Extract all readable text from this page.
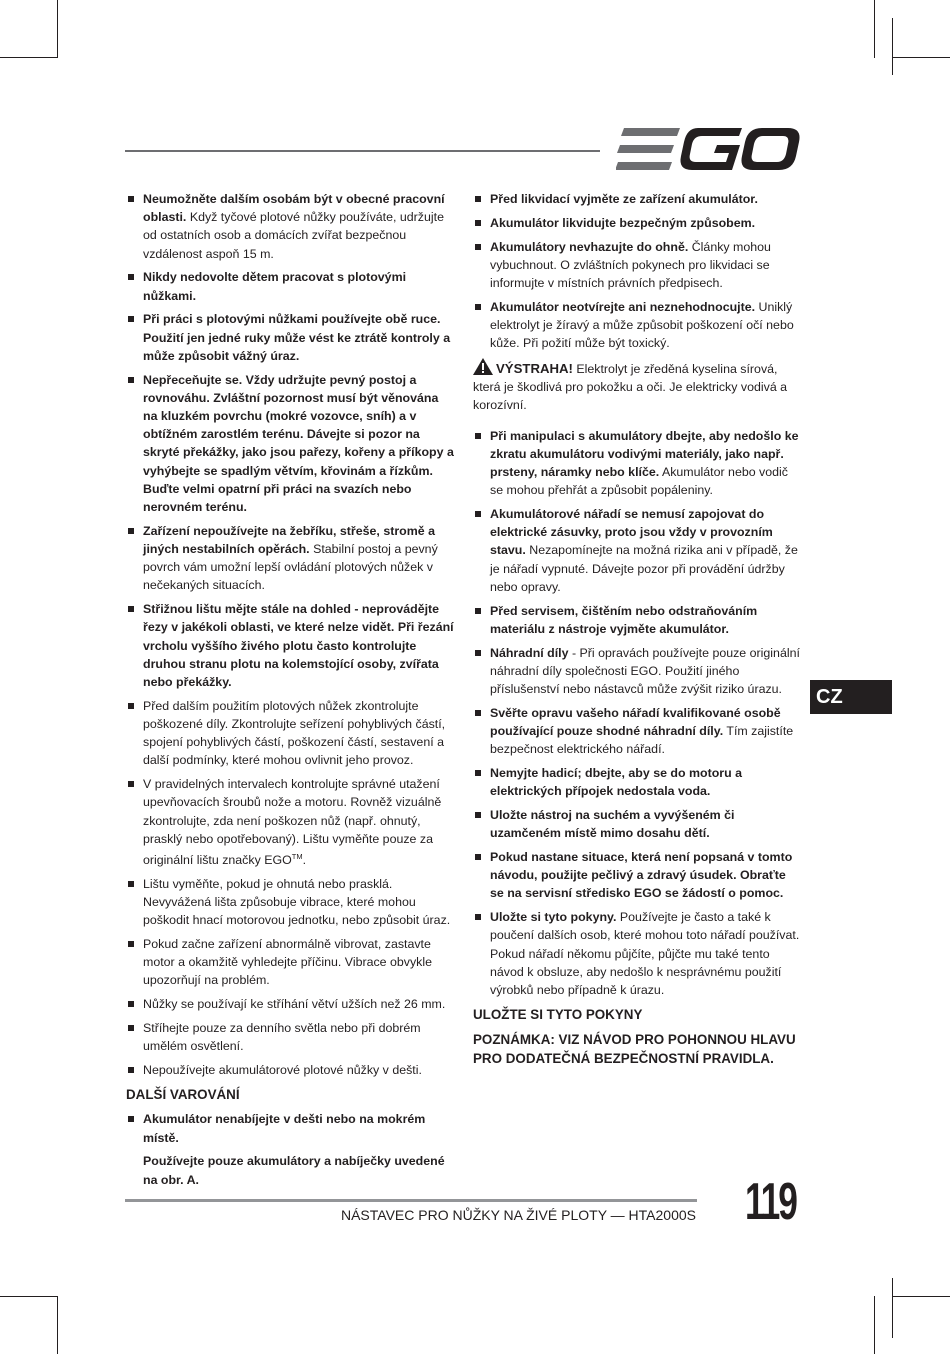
Neumožněte dalším osobám být v obecné pracovní oblasti. Když tyčové plotové nůžky používáte, udržujte od ostatních osob a domácích zvířat bezpečnou vzdálenost aspoň 15 m.
Nikdy nedovolte dětem pracovat s plotovými nůžkami.
Při práci s plotovými nůžkami používejte obě ruce. Použití jen jedné ruky může vést ke ztrátě kontroly a může způsobit vážný úraz.
Nepřeceňujte se. Vždy udržujte pevný postoj a rovnováhu. Zvláštní pozornost musí být věnována na kluzkém povrchu (mokré vozovce, sníh) a v obtížném zarostlém terénu. Dávejte si pozor na skryté překážky, jako jsou pařezy, kořeny a příkopy a vyhýbejte se spadlým větvím, křovinám a řízkům. Buďte velmi opatrní při práci na svazích nebo nerovném terénu.
Zařízení nepoužívejte na žebříku, střeše, stromě a jiných nestabilních opěrách. Stabilní postoj a pevný povrch vám umožní lepší ovládání plotových nůžek v nečekaných situacích.
Střižnou lištu mějte stále na dohled - neprovádějte řezy v jakékoli oblasti, ve které nelze vidět. Při řezání vrcholu vyššího živého plotu často kontrolujte druhou stranu plotu na kolemstojící osoby, zvířata nebo překážky.
Před dalším použitím plotových nůžek zkontrolujte poškozené díly. Zkontrolujte seřízení pohyblivých částí, spojení pohyblivých částí, poškození částí, sestavení a další podmínky, které mohou ovlivnit jeho provoz.
V pravidelných intervalech kontrolujte správné utažení upevňovacích šroubů nože a motoru. Rovněž vizuálně zkontrolujte, zda není poškozen nůž (např. ohnutý, prasklý nebo opotřebovaný). Lištu vyměňte pouze za originální lištu značky EGO™.
Lištu vyměňte, pokud je ohnutá nebo prasklá. Nevyvážená lišta způsobuje vibrace, které mohou poškodit hnací motorovou jednotku, nebo způsobit úraz.
Pokud začne zařízení abnormálně vibrovat, zastavte motor a okamžitě vyhledejte příčinu. Vibrace obvykle upozorňují na problém.
Nůžky se používají ke stříhání větví užších než 26 mm.
Stříhejte pouze za denního světla nebo při dobrém umělém osvětlení.
Nepoužívejte akumulátorové plotové nůžky v dešti.
DALŠÍ VAROVÁNÍ
Akumulátor nenabíjejte v dešti nebo na mokrém místě.
Používejte pouze akumulátory a nabíječky uvedené na obr. A.
Před likvidací vyjměte ze zařízení akumulátor.
Akumulátor likvidujte bezpečným způsobem.
Akumulátory nevhazujte do ohně. Články mohou vybuchnout. O zvláštních pokynech pro likvidaci se informujte v místních právních předpisech.
Akumulátor neotvírejte ani neznehodnocujte. Uniklý elektrolyt je žíravý a může způsobit poškození očí nebo kůže. Při požití může být toxický.
VÝSTRAHA! Elektrolyt je zředěná kyselina sírová, která je škodlivá pro pokožku a oči. Je elektricky vodivá a korozívní.
Při manipulaci s akumulátory dbejte, aby nedošlo ke zkratu akumulátoru vodivými materiály, jako např. prsteny, náramky nebo klíče. Akumulátor nebo vodič se mohou přehřát a způsobit popáleniny.
Akumulátorové nářadí se nemusí zapojovat do elektrické zásuvky, proto jsou vždy v provozním stavu. Nezapomínejte na možná rizika ani v případě, že je nářadí vypnuté. Dávejte pozor při provádění údržby nebo opravy.
Před servisem, čištěním nebo odstraňováním materiálu z nástroje vyjměte akumulátor.
Náhradní díly - Při opravách používejte pouze originální náhradní díly společnosti EGO. Použití jiného příslušenství nebo nástavců může zvýšit riziko úrazu.
Svěřte opravu vašeho nářadí kvalifikované osobě používající pouze shodné náhradní díly. Tím zajistíte bezpečnost elektrického nářadí.
Nemyjte hadicí; dbejte, aby se do motoru a elektrických přípojek nedostala voda.
Uložte nástroj na suchém a vyvýšeném či uzamčeném místě mimo dosahu dětí.
Pokud nastane situace, která není popsaná v tomto návodu, použijte pečlivý a zdravý úsudek. Obraťte se na servisní středisko EGO se žádostí o pomoc.
Uložte si tyto pokyny. Používejte je často a také k poučení dalších osob, které mohou toto nářadí používat. Pokud nářadí někomu půjčíte, půjčte mu také tento návod k obsluze, aby nedošlo k nesprávnému použití výrobků nebo případně k úrazu.
ULOŽTE SI TYTO POKYNY
POZNÁMKA: VIZ NÁVOD PRO POHONNOU HLAVU PRO DODATEČNÁ BEZPEČNOSTNÍ PRAVIDLA.
CZ
NÁSTAVEC PRO NŮŽKY NA ŽIVÉ PLOTY — HTA2000S 119
